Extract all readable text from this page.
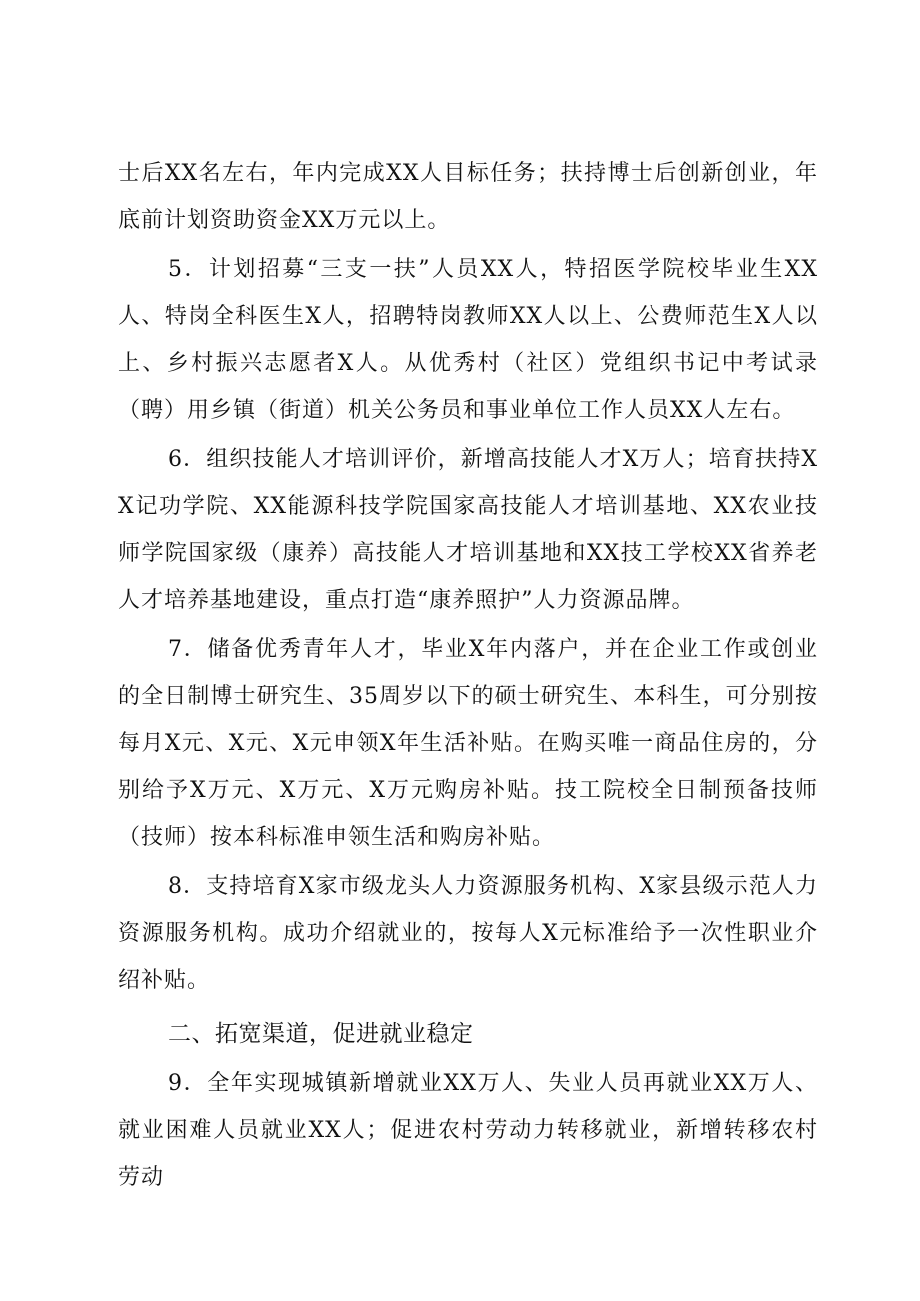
士后XX名左右，年内完成XX人目标任务；扶持博士后创新创业，年底前计划资助资金XX万元以上。

5．计划招募“三支一扶”人员XX人，特招医学院校毕业生XX人、特岗全科医生X人，招聘特岗教师XX人以上、公费师范生X人以上、乡村振兴志愿者X人。从优秀村（社区）党组织书记中考试录（聘）用乡镇（街道）机关公务员和事业单位工作人员XX人左右。

6．组织技能人才培训评价，新增高技能人才X万人；培育扶持XX记功学院、XX能源科技学院国家高技能人才培训基地、XX农业技师学院国家级（康养）高技能人才培训基地和XX技工学校XX省养老人才培养基地建设，重点打造“康养照护”人力资源品牌。

7．储备优秀青年人才，毕业X年内落户，并在企业工作或创业的全日制博士研究生、35周岁以下的硕士研究生、本科生，可分别按每月X元、X元、X元申领X年生活补贴。在购买唯一商品住房的，分别给予X万元、X万元、X万元购房补贴。技工院校全日制预备技师（技师）按本科标准申领生活和购房补贴。

8．支持培育X家市级龙头人力资源服务机构、X家县级示范人力资源服务机构。成功介绍就业的，按每人X元标准给予一次性职业介绍补贴。

二、拓宽渠道，促进就业稳定

9．全年实现城镇新增就业XX万人、失业人员再就业XX万人、就业困难人员就业XX人；促进农村劳动力转移就业，新增转移农村劳动
